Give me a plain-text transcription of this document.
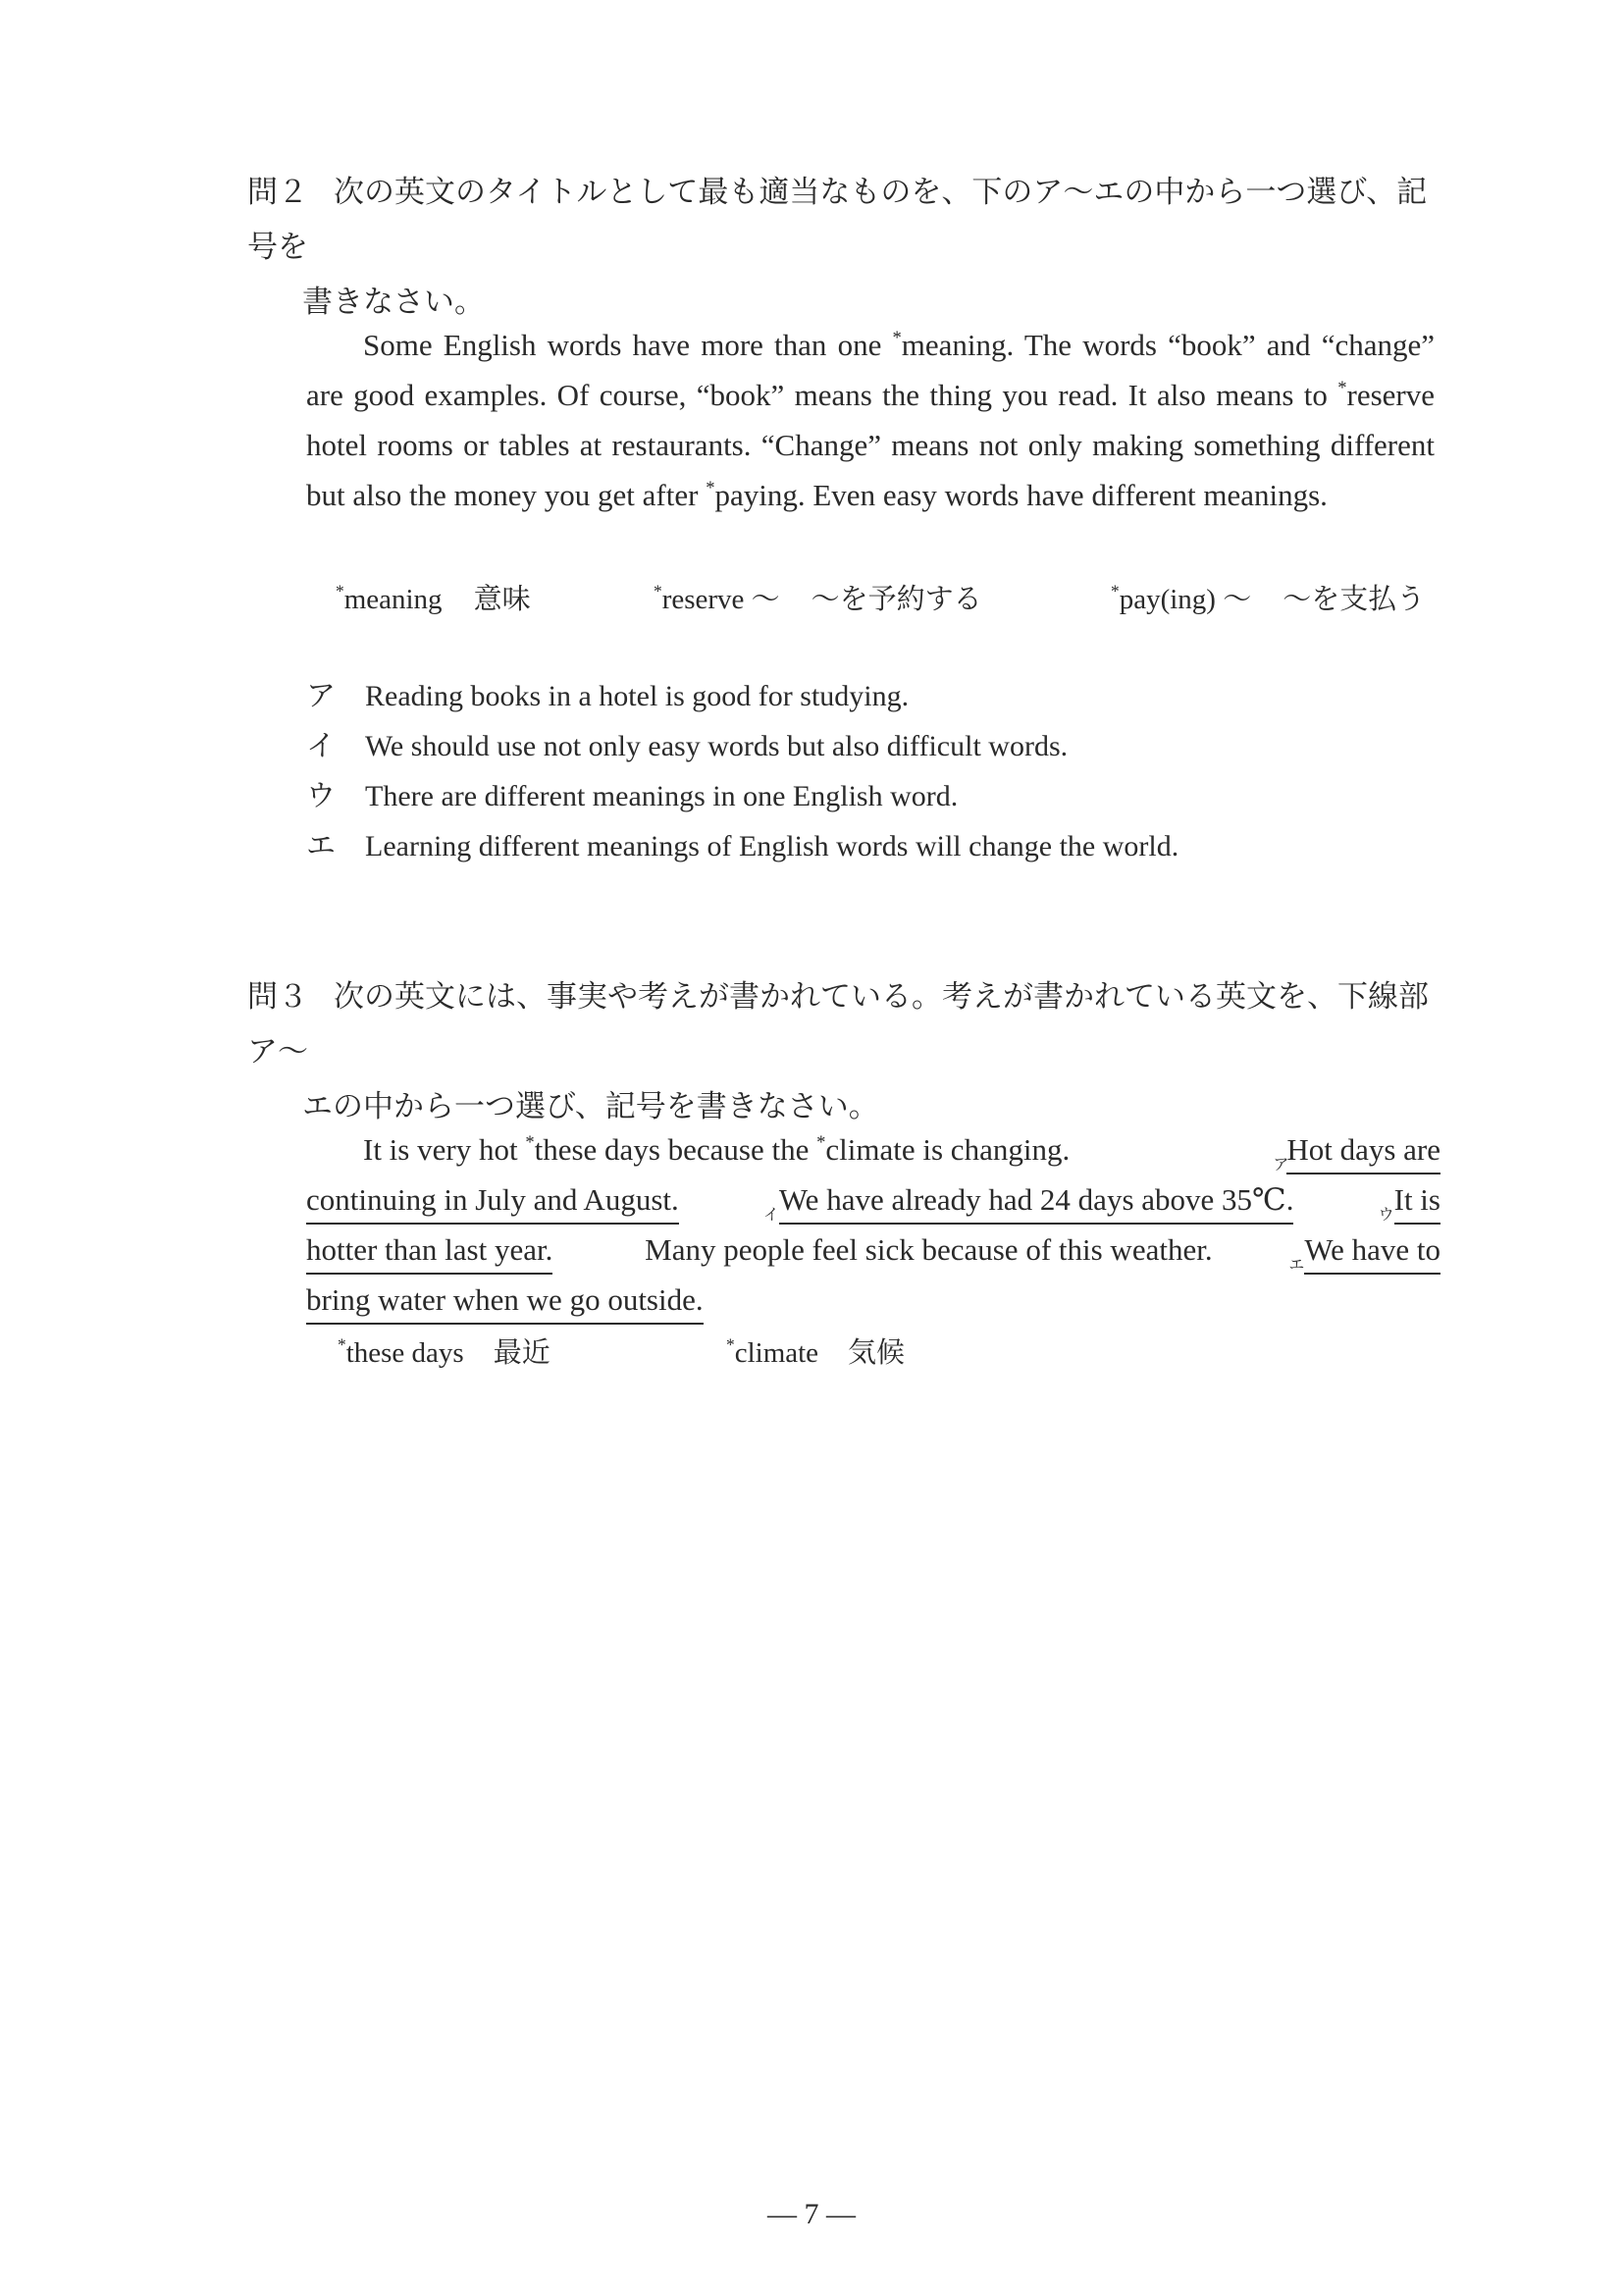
問２ 次の英文のタイトルとして最も適当なものを、下のア～エの中から一つ選び、記号を
書きなさい。
Some English words have more than one *meaning. The words “book” and “change” are good examples. Of course, “book” means the thing you read. It also means to *reserve hotel rooms or tables at restaurants. “Change” means not only making something different but also the money you get after *paying. Even easy words have different meanings.
*meaning 意味	*reserve ～ ～を予約する	*pay(ing) ～ ～を支払う
ア Reading books in a hotel is good for studying.
イ We should use not only easy words but also difficult words.
ウ There are different meanings in one English word.
エ Learning different meanings of English words will change the world.
問３ 次の英文には、事実や考えが書かれている。考えが書かれている英文を、下線部ア～
エの中から一つ選び、記号を書きなさい。
It is very hot *these days because the *climate is changing.	ア
Hot days are
continuing in July and August.	イ We have already had 24 days above 35℃.	ウ It is
hotter than last year.	Many people feel sick because of this weather.	エ We have to
bring water when we go outside.
*these days 最近	*climate 気候
― 7 ―
